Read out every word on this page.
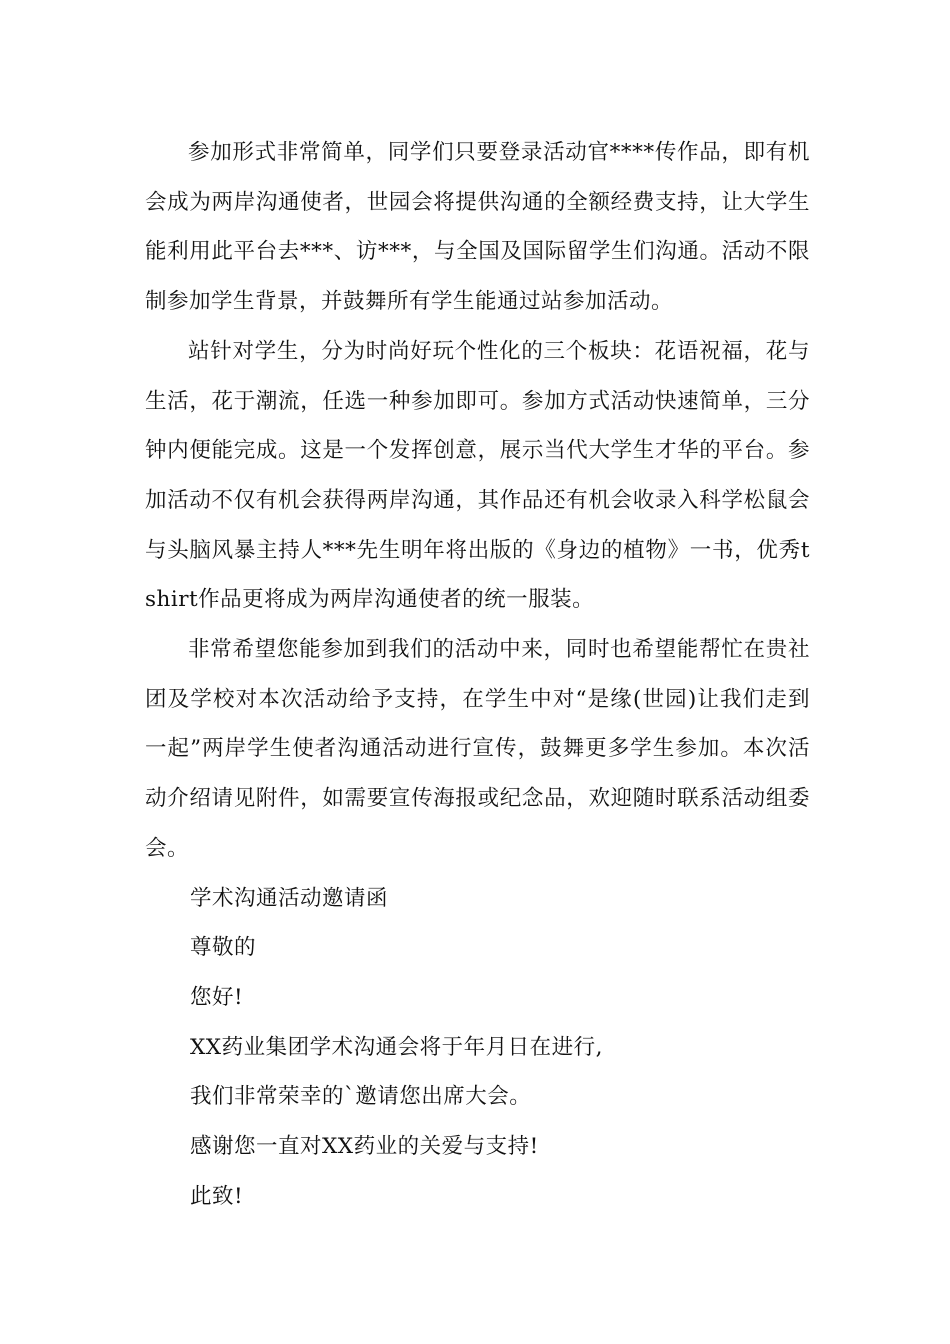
参加形式非常简单，同学们只要登录活动官****传作品，即有机会成为两岸沟通使者，世园会将提供沟通的全额经费支持，让大学生能利用此平台去***、访***，与全国及国际留学生们沟通。活动不限制参加学生背景，并鼓舞所有学生能通过站参加活动。

站针对学生，分为时尚好玩个性化的三个板块：花语祝福，花与生活，花于潮流，任选一种参加即可。参加方式活动快速简单，三分钟内便能完成。这是一个发挥创意，展示当代大学生才华的平台。参加活动不仅有机会获得两岸沟通，其作品还有机会收录入科学松鼠会与头脑风暴主持人***先生明年将出版的《身边的植物》一书，优秀tshirt作品更将成为两岸沟通使者的统一服装。

非常希望您能参加到我们的活动中来，同时也希望能帮忙在贵社团及学校对本次活动给予支持，在学生中对“是缘(世园)让我们走到一起”两岸学生使者沟通活动进行宣传，鼓舞更多学生参加。本次活动介绍请见附件，如需要宣传海报或纪念品，欢迎随时联系活动组委会。

学术沟通活动邀请函

尊敬的

您好!

XX药业集团学术沟通会将于年月日在进行,

我们非常荣幸的`邀请您出席大会。

感谢您一直对XX药业的关爱与支持!

此致!
